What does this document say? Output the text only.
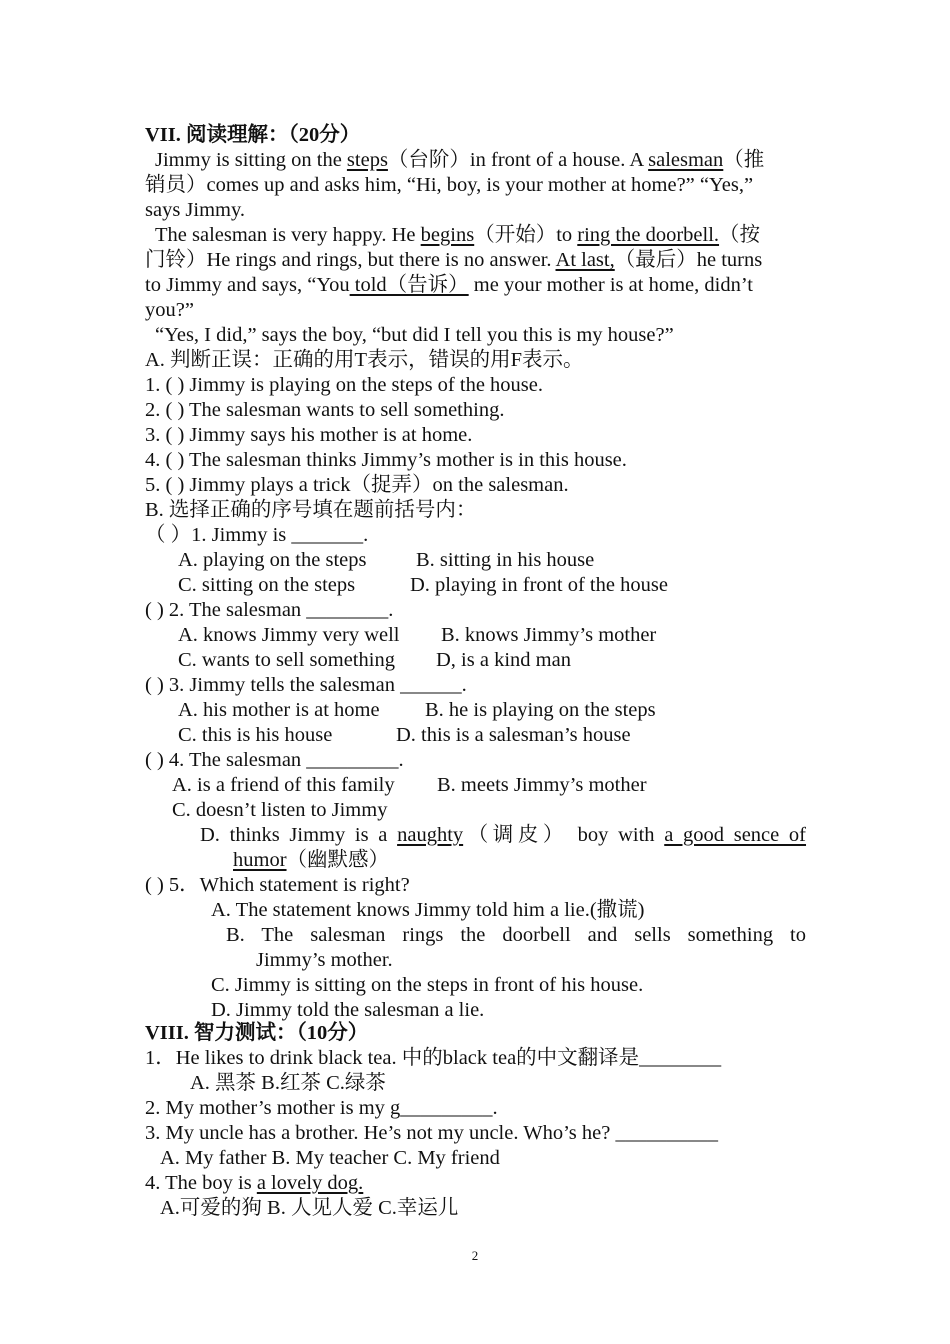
VII. 阅读理解：（20分）
Jimmy is sitting on the steps（台阶）in front of a house. A salesman（推
销员）comes up and asks him, “Hi, boy, is your mother at home?” “Yes,”
says Jimmy.
The salesman is very happy. He begins（开始）to ring the doorbell.（按
门铃）He rings and rings, but there is no answer. At last,（最后）he turns
to Jimmy and says, “You told（告诉） me your mother is at home, didn’t
you?”
“Yes, I did,” says the boy, “but did I tell you this is my house?”
A. 判断正误：正确的用T表示，错误的用F表示。
1. ( ) Jimmy is playing on the steps of the house.
2. ( ) The salesman wants to sell something.
3. ( ) Jimmy says his mother is at home.
4. ( ) The salesman thinks Jimmy’s mother is in this house.
5. ( ) Jimmy plays a trick（捉弄）on the salesman.
B. 选择正确的序号填在题前括号内：
（ ）1. Jimmy is _______.
A. playing on the steps B. sitting in his house
C. sitting on the steps	D. playing in front of the house
( ) 2. The salesman ________.
A. knows Jimmy very well B. knows Jimmy’s mother
C. wants to sell something D, is a kind man
( ) 3. Jimmy tells the salesman ______.
A. his mother is at home B. he is playing on the steps
C. this is his house	D. this is a salesman’s house
( ) 4. The salesman _________.
A. is a friend of this family B. meets Jimmy’s mother
C. doesn’t listen to Jimmy
D. thinks Jimmy is a naughty（调皮） boy with a good sence of
humor（幽默感）
( ) 5．Which statement is right?
A. The statement knows Jimmy told him a lie.(撒谎)
B. The salesman rings the doorbell and sells something to
Jimmy’s mother.
C. Jimmy is sitting on the steps in front of his house.
D. Jimmy told the salesman a lie.
VIII. 智力测试：（10分）
1．He likes to drink black tea. 中的black tea的中文翻译是________
A. 黑茶 B.红茶 C.绿茶
2. My mother’s mother is my g_________.
3. My uncle has a brother. He’s not my uncle. Who’s he? __________
A. My father B. My teacher C. My friend
4. The boy is a lovely dog.
A.可爱的狗 B. 人见人爱 C.幸运儿
2
